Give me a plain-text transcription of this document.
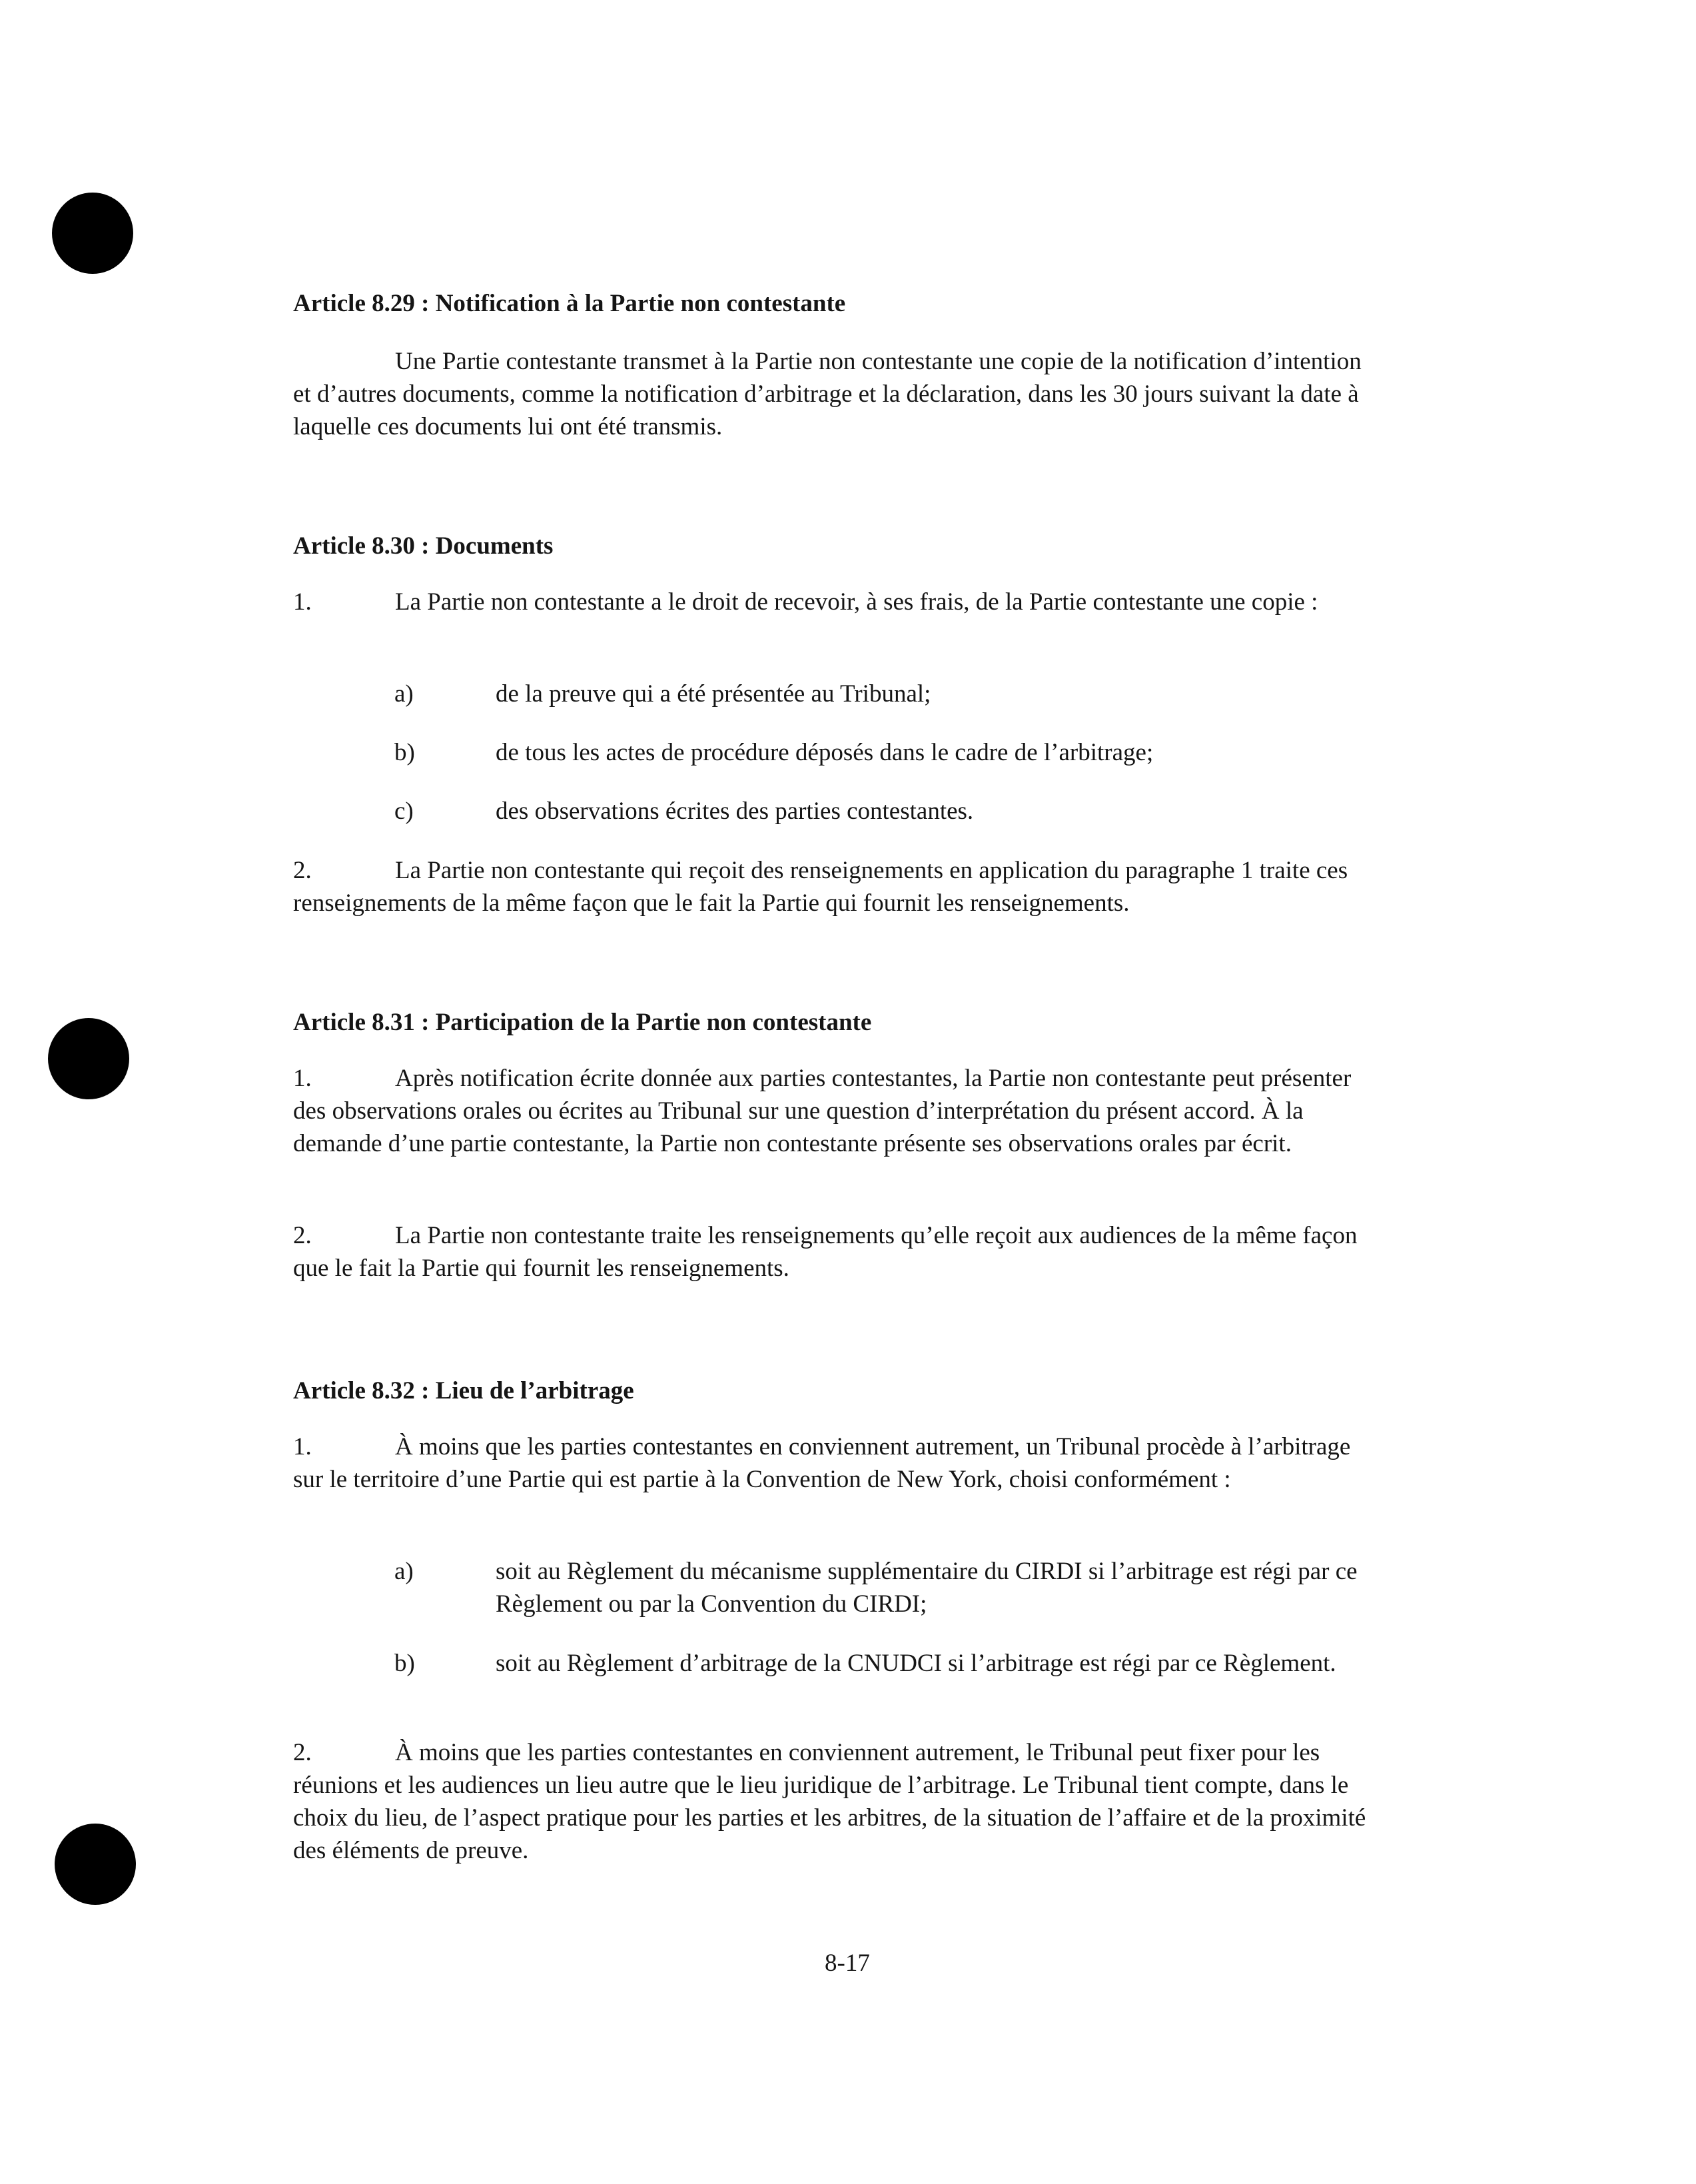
Article 8.29 : Notification à la Partie non contestante

Une Partie contestante transmet à la Partie non contestante une copie de la notification d’intention et d’autres documents, comme la notification d’arbitrage et la déclaration, dans les 30 jours suivant la date à laquelle ces documents lui ont été transmis.

Article 8.30 : Documents

1.	La Partie non contestante a le droit de recevoir, à ses frais, de la Partie contestante une copie :

a)	de la preuve qui a été présentée au Tribunal;
b)	de tous les actes de procédure déposés dans le cadre de l’arbitrage;
c)	des observations écrites des parties contestantes.

2.	La Partie non contestante qui reçoit des renseignements en application du paragraphe 1 traite ces renseignements de la même façon que le fait la Partie qui fournit les renseignements.

Article 8.31 : Participation de la Partie non contestante

1.	Après notification écrite donnée aux parties contestantes, la Partie non contestante peut présenter des observations orales ou écrites au Tribunal sur une question d’interprétation du présent accord. À la demande d’une partie contestante, la Partie non contestante présente ses observations orales par écrit.

2.	La Partie non contestante traite les renseignements qu’elle reçoit aux audiences de la même façon que le fait la Partie qui fournit les renseignements.

Article 8.32 : Lieu de l’arbitrage

1.	À moins que les parties contestantes en conviennent autrement, un Tribunal procède à l’arbitrage sur le territoire d’une Partie qui est partie à la Convention de New York, choisi conformément :

a)	soit au Règlement du mécanisme supplémentaire du CIRDI si l’arbitrage est régi par ce Règlement ou par la Convention du CIRDI;
b)	soit au Règlement d’arbitrage de la CNUDCI si l’arbitrage est régi par ce Règlement.

2.	À moins que les parties contestantes en conviennent autrement, le Tribunal peut fixer pour les réunions et les audiences un lieu autre que le lieu juridique de l’arbitrage. Le Tribunal tient compte, dans le choix du lieu, de l’aspect pratique pour les parties et les arbitres, de la situation de l’affaire et de la proximité des éléments de preuve.

8-17
